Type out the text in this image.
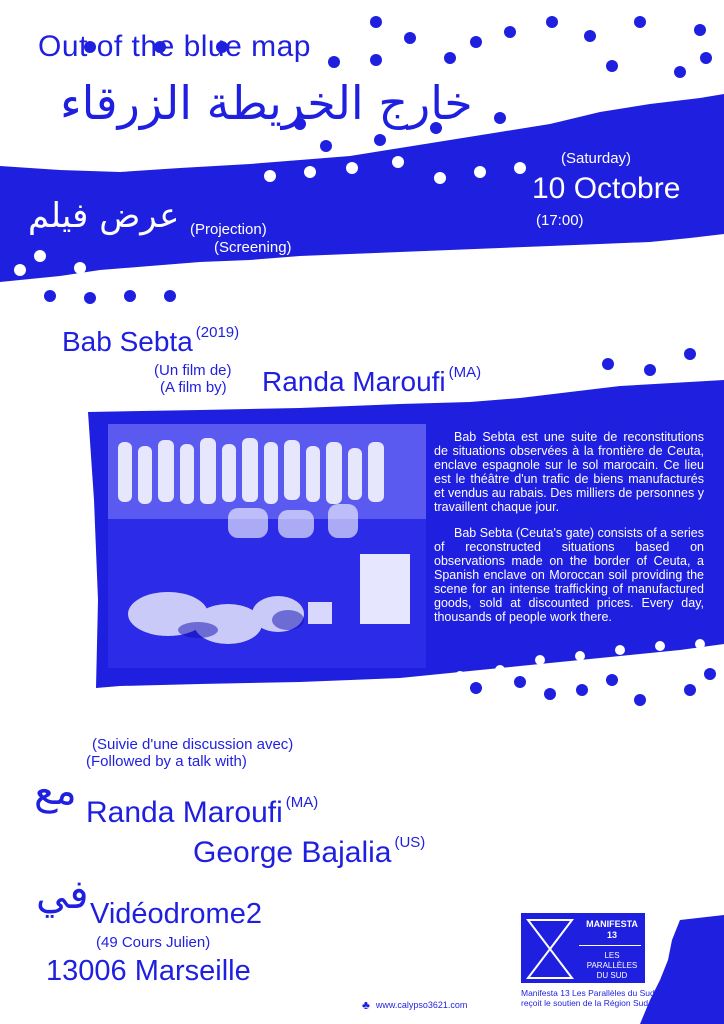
Out of the blue map
خارج الخريطة الزرقاء
عرض فيلم (Projection)
(Screening)
(Samedi)
(Saturday)
10 Octobre
(17:00)
Bab Sebta $^{(2019)}$
(Un film de)
(A film by) Randa Maroufi $^{(MA)}$

Bab Sebta est une suite de reconstitutions de situations observées à la frontière de Ceuta, enclave espagnole sur le sol marocain. Ce lieu est le théâtre d'un trafic de biens manufacturés et vendus au rabais. Des milliers de personnes y travaillent chaque jour.

Bab Sebta (Ceuta's gate) consists of a series of reconstructed situations based on observations made on the border of Ceuta, a Spanish enclave on Moroccan soil providing the scene for an intense trafficking of manufactured goods, sold at discounted prices. Every day, thousands of people work there.

(Suivie d'une discussion avec)
(Followed by a talk with)
مع Randa Maroufi $^{(MA)}$
George Bajalia $^{(US)}$
في Vidéodrome2
(49 Cours Julien)
13006 Marseille
♣ www.calypso3621.com
MANIFESTA
13
LES PARALLÈLES
DU SUD
Manifesta 13 Les Parallèles du Sud
reçoit le soutien de la Région Sud
